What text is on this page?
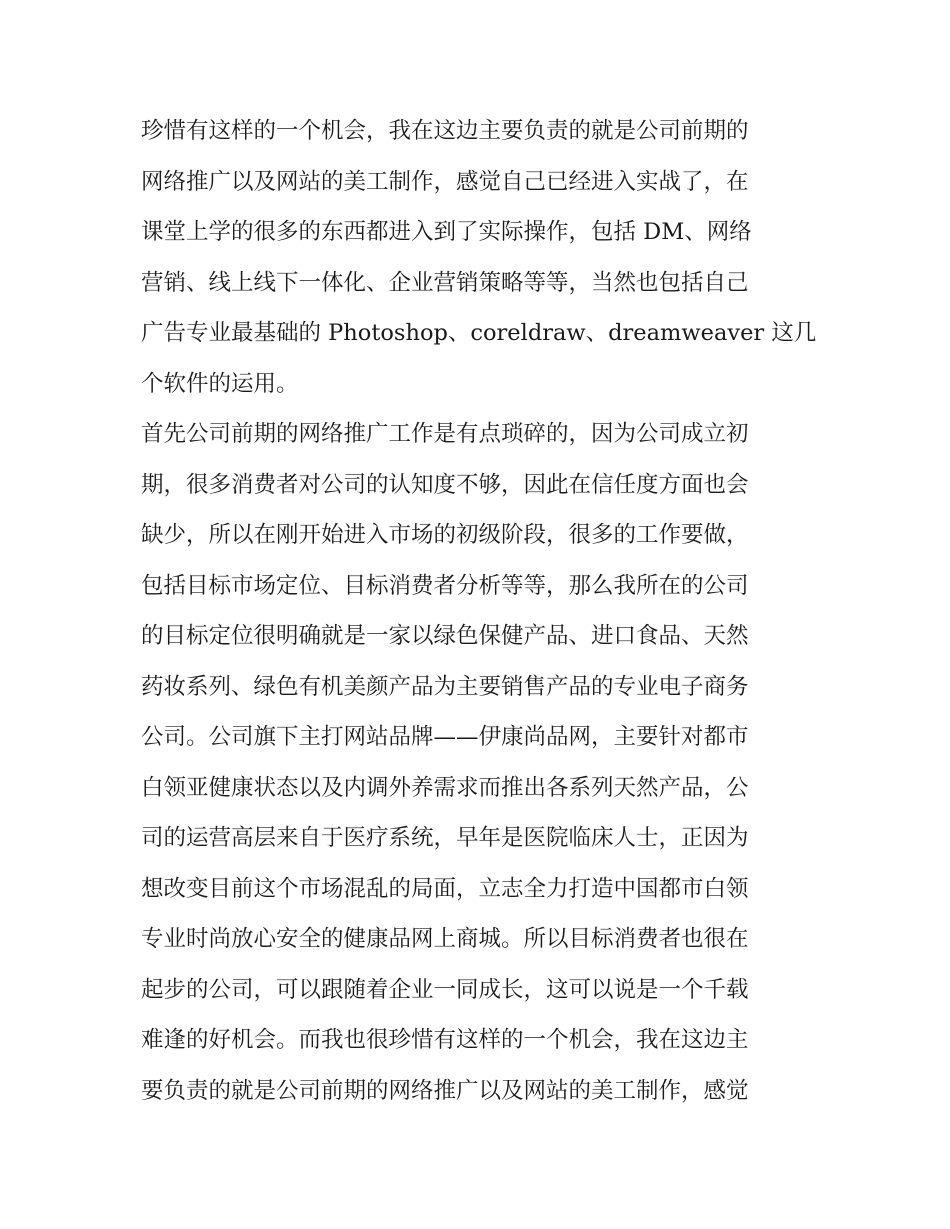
珍惜有这样的一个机会，我在这边主要负责的就是公司前期的
网络推广以及网站的美工制作，感觉自己已经进入实战了，在
课堂上学的很多的东西都进入到了实际操作，包括 DM、网络
营销、线上线下一体化、企业营销策略等等，当然也包括自己
广告专业最基础的 Photoshop、coreldraw、dreamweaver 这几
个软件的运用。
首先公司前期的网络推广工作是有点琐碎的，因为公司成立初
期，很多消费者对公司的认知度不够，因此在信任度方面也会
缺少，所以在刚开始进入市场的初级阶段，很多的工作要做，
包括目标市场定位、目标消费者分析等等，那么我所在的公司
的目标定位很明确就是一家以绿色保健产品、进口食品、天然
药妆系列、绿色有机美颜产品为主要销售产品的专业电子商务
公司。公司旗下主打网站品牌——伊康尚品网，主要针对都市
白领亚健康状态以及内调外养需求而推出各系列天然产品，公
司的运营高层来自于医疗系统，早年是医院临床人士，正因为
想改变目前这个市场混乱的局面，立志全力打造中国都市白领
专业时尚放心安全的健康品网上商城。所以目标消费者也很在
起步的公司，可以跟随着企业一同成长，这可以说是一个千载
难逢的好机会。而我也很珍惜有这样的一个机会，我在这边主
要负责的就是公司前期的网络推广以及网站的美工制作，感觉
